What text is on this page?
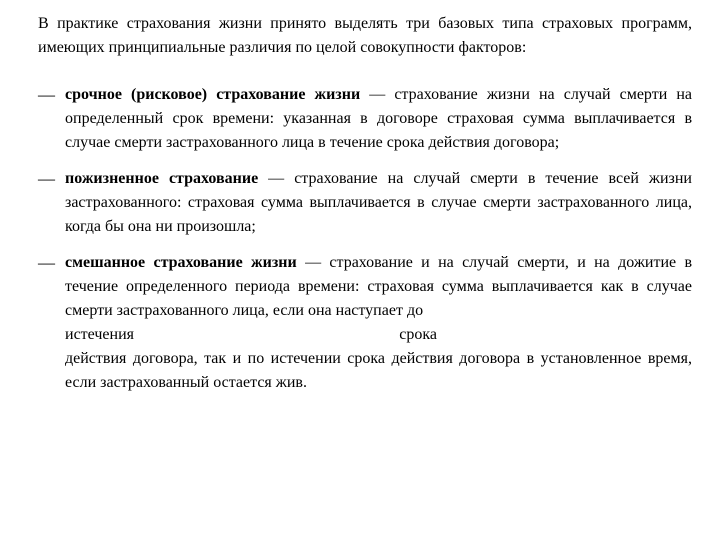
В практике страхования жизни принято выделять три базовых типа страховых программ, имеющих принципиальные различия по целой совокупности факторов:

— срочное (рисковое) страхование жизни — страхование жизни на случай смерти на определенный срок времени: указанная в договоре страховая сумма выплачивается в случае смерти застрахованного лица в течение срока действия договора;
— пожизненное страхование — страхование на случай смерти в течение всей жизни застрахованного: страховая сумма выплачивается в случае смерти застрахованного лица, когда бы она ни произошла;
— смешанное страхование жизни — страхование и на случай смерти, и на дожитие в течение определенного периода времени: страховая сумма выплачивается как в случае смерти застрахованного лица, если она наступает до
истечения	срока
действия договора, так и по истечении срока действия договора в установленное время, если застрахованный остается жив.
